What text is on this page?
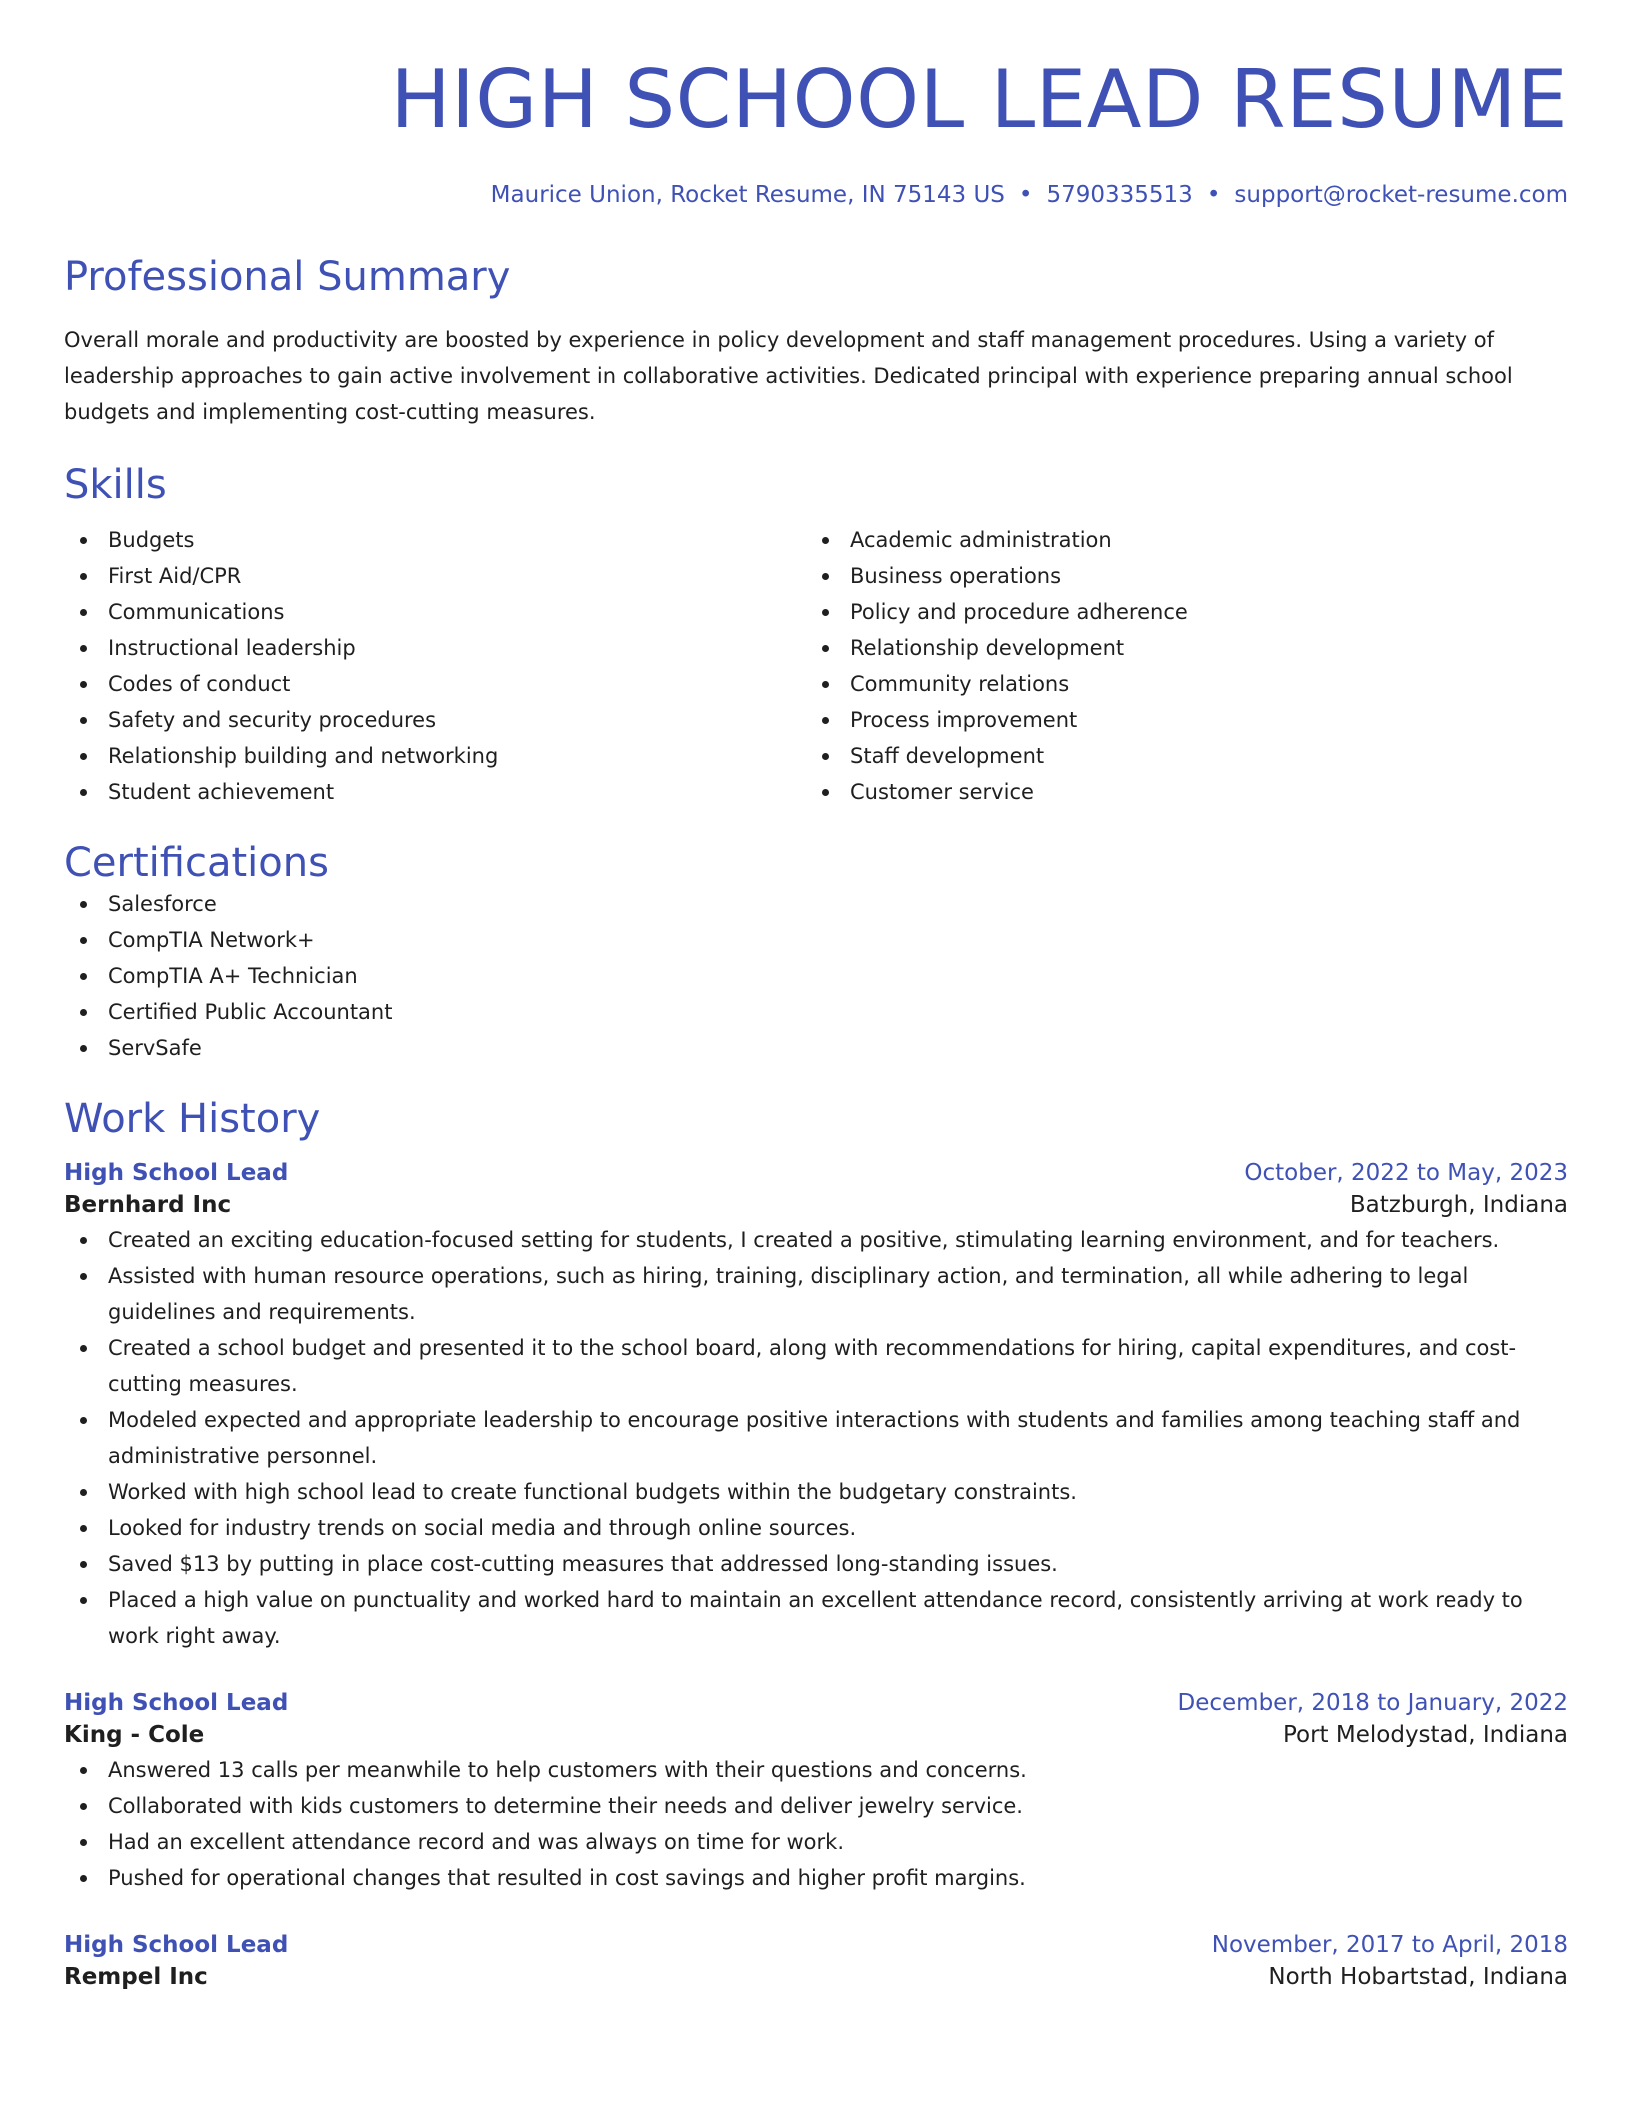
HIGH SCHOOL LEAD RESUME
Maurice Union, Rocket Resume, IN 75143 US • 5790335513 • support@rocket-resume.com
Professional Summary
Overall morale and productivity are boosted by experience in policy development and staff management procedures. Using a variety of leadership approaches to gain active involvement in collaborative activities. Dedicated principal with experience preparing annual school budgets and implementing cost-cutting measures.
Skills
Budgets
First Aid/CPR
Communications
Instructional leadership
Codes of conduct
Safety and security procedures
Relationship building and networking
Student achievement
Academic administration
Business operations
Policy and procedure adherence
Relationship development
Community relations
Process improvement
Staff development
Customer service
Certifications
Salesforce
CompTIA Network+
CompTIA A+ Technician
Certified Public Accountant
ServSafe
Work History
High School Lead	October, 2022 to May, 2023
Bernhard Inc	Batzburgh, Indiana
Created an exciting education-focused setting for students, I created a positive, stimulating learning environment, and for teachers.
Assisted with human resource operations, such as hiring, training, disciplinary action, and termination, all while adhering to legal guidelines and requirements.
Created a school budget and presented it to the school board, along with recommendations for hiring, capital expenditures, and cost-cutting measures.
Modeled expected and appropriate leadership to encourage positive interactions with students and families among teaching staff and administrative personnel.
Worked with high school lead to create functional budgets within the budgetary constraints.
Looked for industry trends on social media and through online sources.
Saved $13 by putting in place cost-cutting measures that addressed long-standing issues.
Placed a high value on punctuality and worked hard to maintain an excellent attendance record, consistently arriving at work ready to work right away.
High School Lead	December, 2018 to January, 2022
King - Cole	Port Melodystad, Indiana
Answered 13 calls per meanwhile to help customers with their questions and concerns.
Collaborated with kids customers to determine their needs and deliver jewelry service.
Had an excellent attendance record and was always on time for work.
Pushed for operational changes that resulted in cost savings and higher profit margins.
High School Lead	November, 2017 to April, 2018
Rempel Inc	North Hobartstad, Indiana
